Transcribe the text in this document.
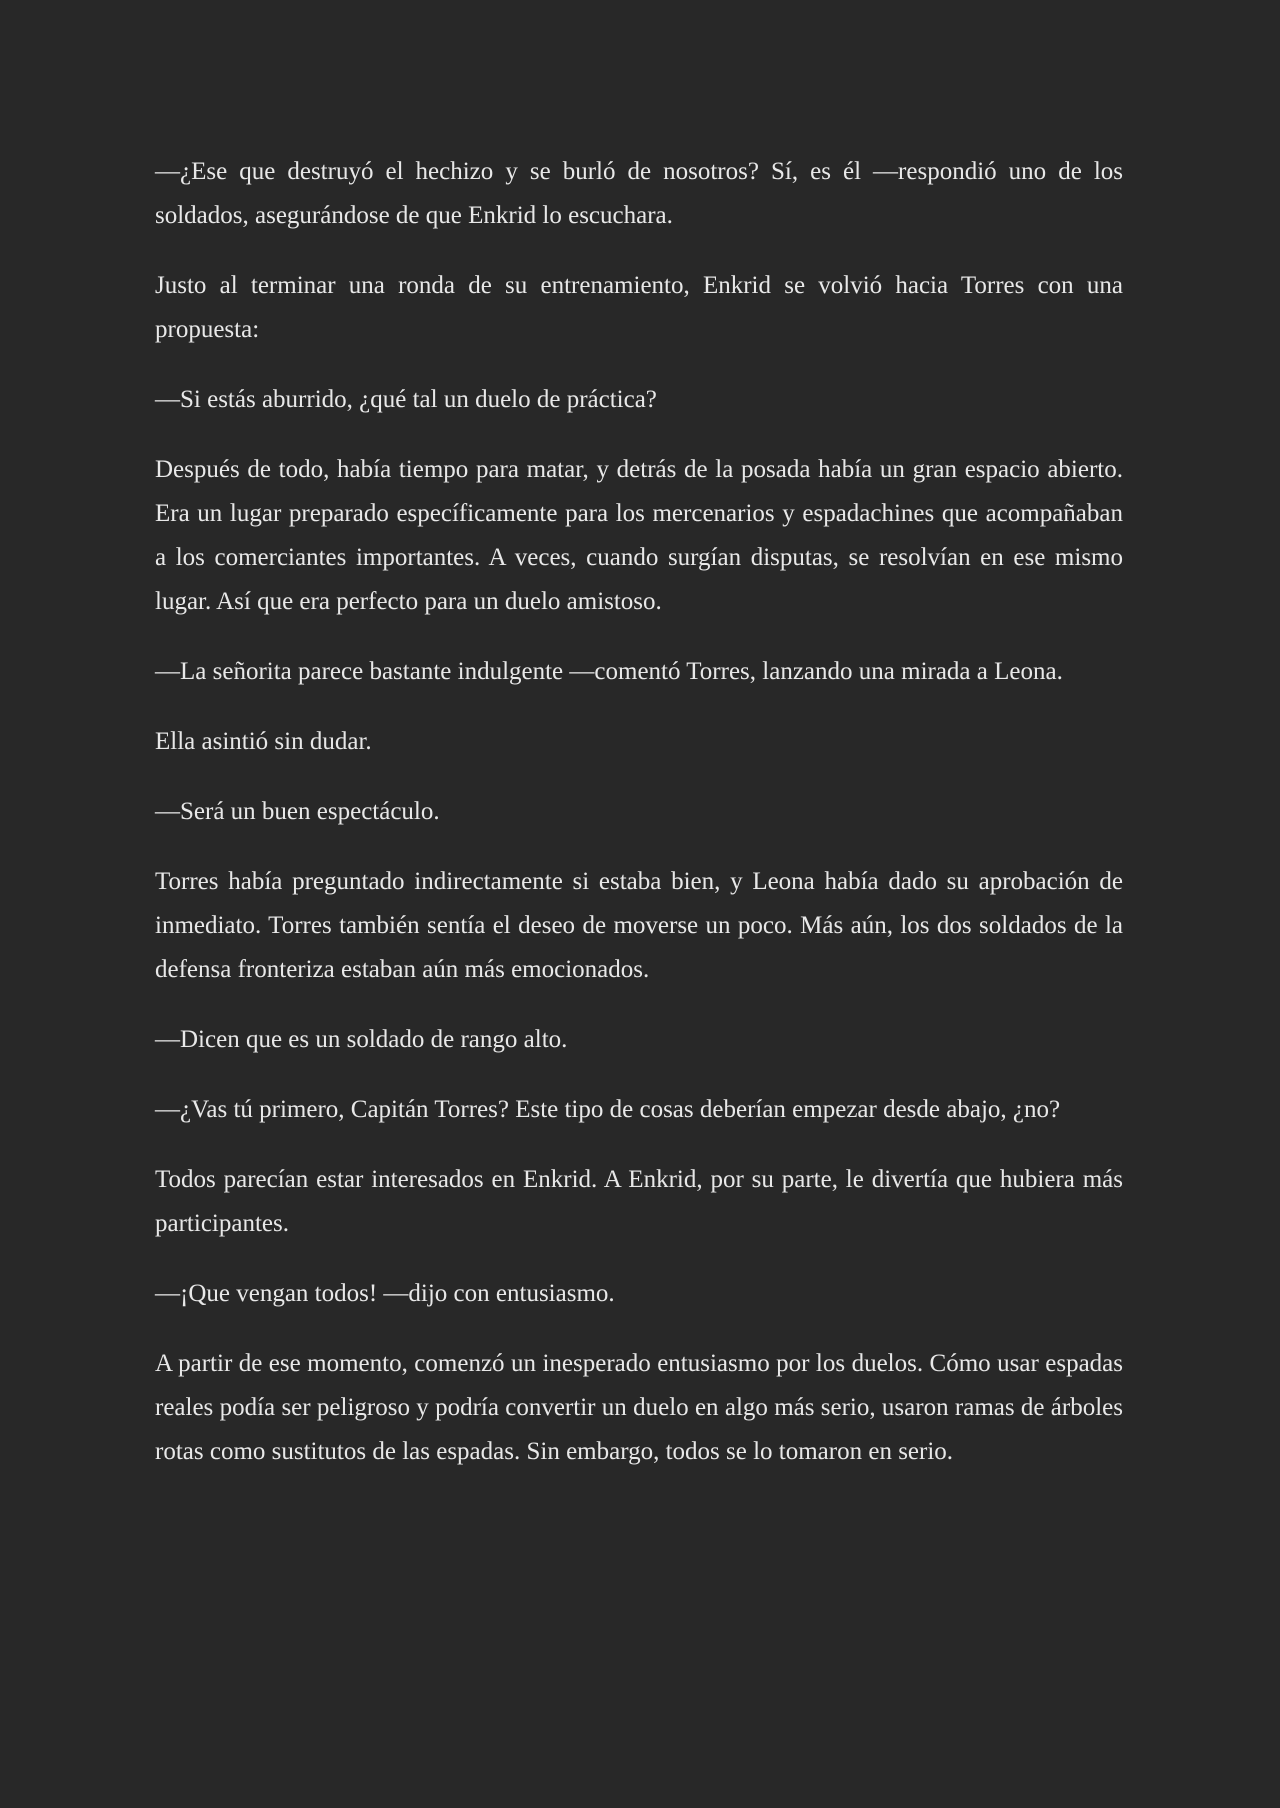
—¿Ese que destruyó el hechizo y se burló de nosotros? Sí, es él —respondió uno de los soldados, asegurándose de que Enkrid lo escuchara.

Justo al terminar una ronda de su entrenamiento, Enkrid se volvió hacia Torres con una propuesta:

—Si estás aburrido, ¿qué tal un duelo de práctica?

Después de todo, había tiempo para matar, y detrás de la posada había un gran espacio abierto. Era un lugar preparado específicamente para los mercenarios y espadachines que acompañaban a los comerciantes importantes. A veces, cuando surgían disputas, se resolvían en ese mismo lugar. Así que era perfecto para un duelo amistoso.

—La señorita parece bastante indulgente —comentó Torres, lanzando una mirada a Leona.

Ella asintió sin dudar.

—Será un buen espectáculo.

Torres había preguntado indirectamente si estaba bien, y Leona había dado su aprobación de inmediato. Torres también sentía el deseo de moverse un poco. Más aún, los dos soldados de la defensa fronteriza estaban aún más emocionados.

—Dicen que es un soldado de rango alto.

—¿Vas tú primero, Capitán Torres? Este tipo de cosas deberían empezar desde abajo, ¿no?

Todos parecían estar interesados en Enkrid. A Enkrid, por su parte, le divertía que hubiera más participantes.

—¡Que vengan todos! —dijo con entusiasmo.

A partir de ese momento, comenzó un inesperado entusiasmo por los duelos. Cómo usar espadas reales podía ser peligroso y podría convertir un duelo en algo más serio, usaron ramas de árboles rotas como sustitutos de las espadas. Sin embargo, todos se lo tomaron en serio.
